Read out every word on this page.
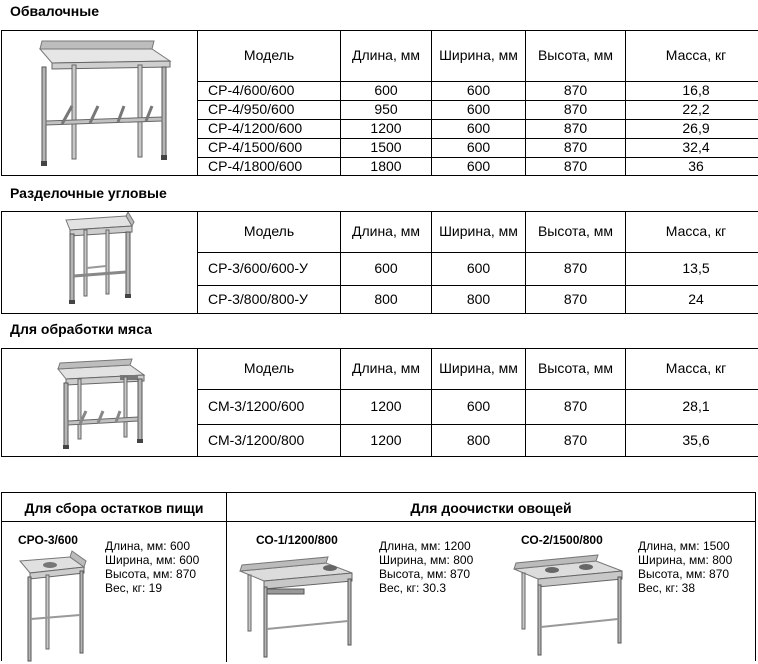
Обвалочные
Модель	Длина, мм	Ширина, мм	Высота, мм	Масса, кг
СР-4/600/600	600	600	870	16,8
СР-4/950/600	950	600	870	22,2
СР-4/1200/600	1200	600	870	26,9
СР-4/1500/600	1500	600	870	32,4
СР-4/1800/600	1800	600	870	36
Разделочные угловые
Модель	Длина, мм	Ширина, мм	Высота, мм	Масса, кг
СР-3/600/600-У	600	600	870	13,5
СР-3/800/800-У	800	800	870	24
Для обработки мяса
Модель	Длина, мм	Ширина, мм	Высота, мм	Масса, кг
СМ-3/1200/600	1200	600	870	28,1
СМ-3/1200/800	1200	800	870	35,6
Для сбора остатков пищи	Для доочистки овощей
СРО-3/600 Длина, мм: 600
Ширина, мм: 600
Высота, мм: 870
Вес, кг: 19
СО-1/1200/800	Длина, мм: 1200
Ширина, мм: 800
Высота, мм: 870
Вес, кг: 30.3
СО-2/1500/800	Длина, мм: 1500
Ширина, мм: 800
Высота, мм: 870
Вес, кг: 38
